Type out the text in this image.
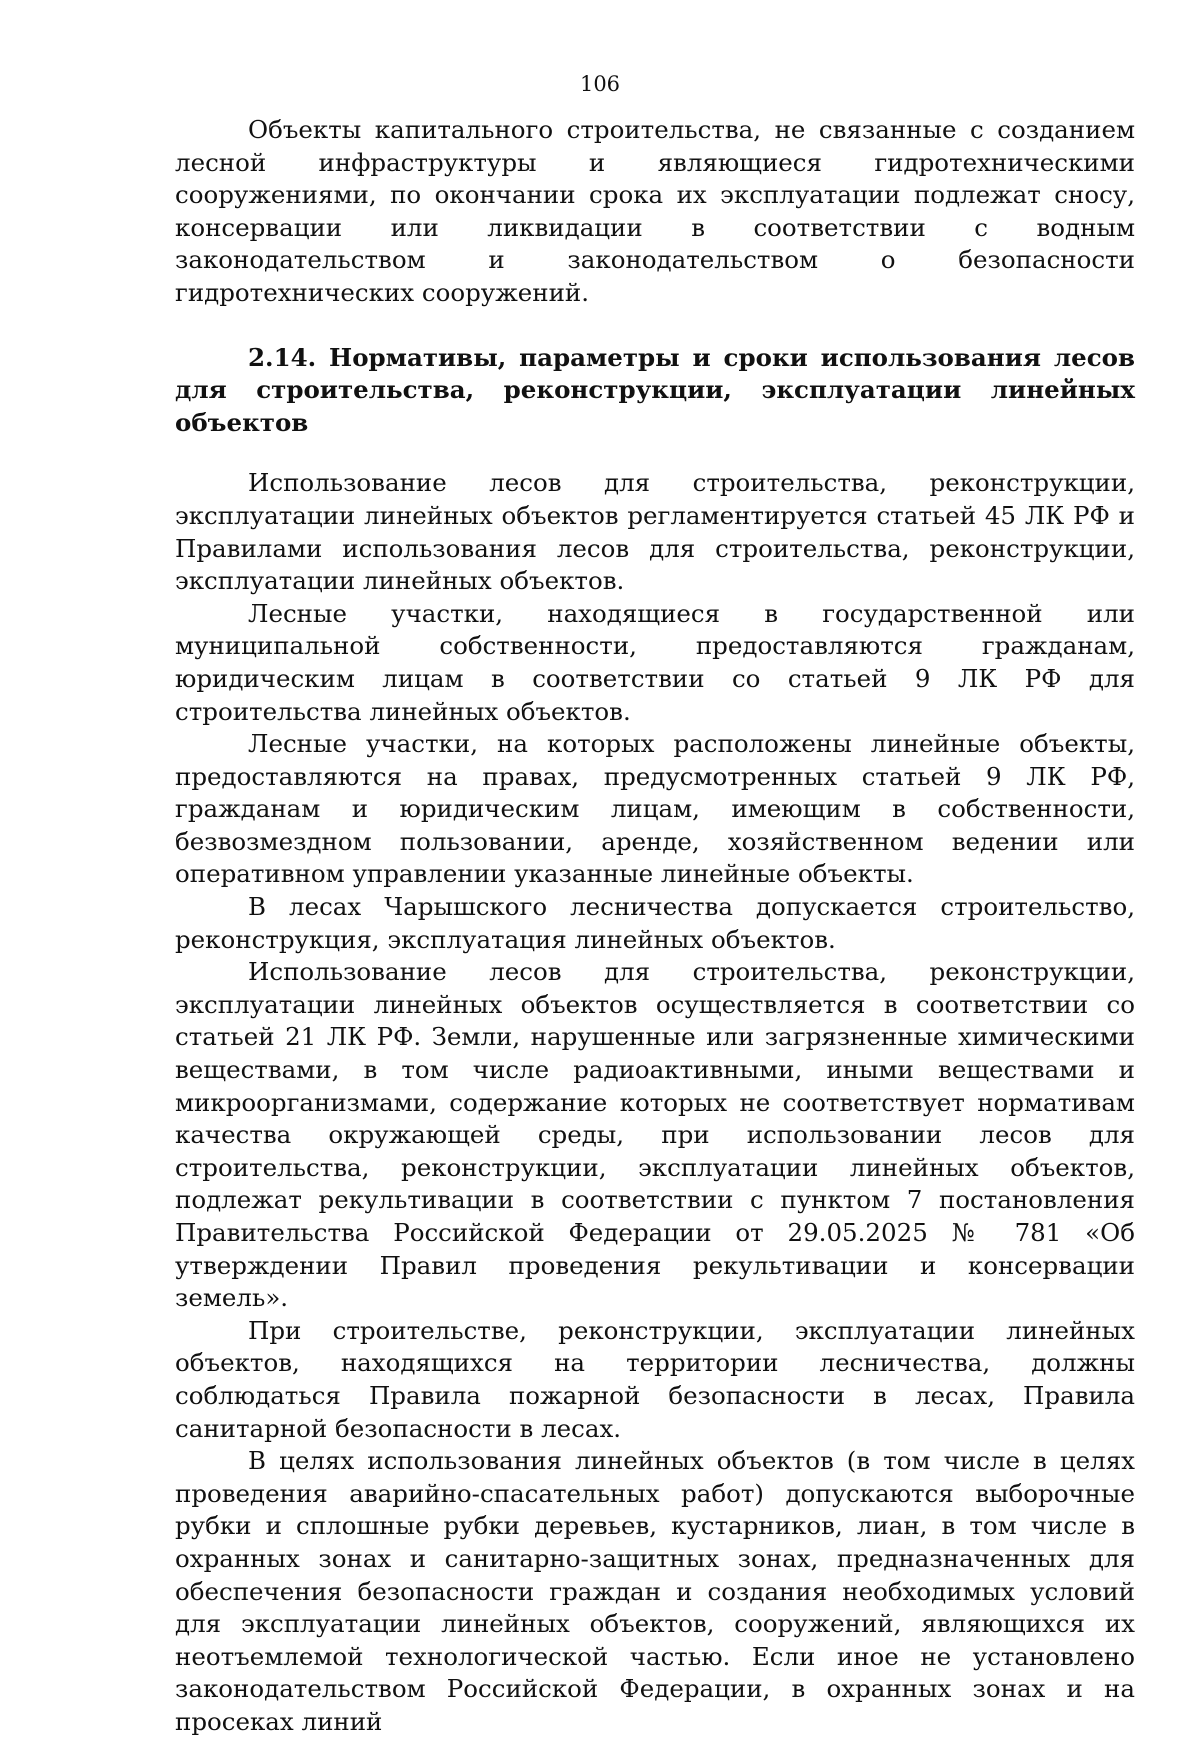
106

Объекты капитального строительства, не связанные с созданием лесной инфраструктуры и являющиеся гидротехническими сооружениями, по окончании срока их эксплуатации подлежат сносу, консервации или ликвидации в соответствии с водным законодательством и законодательством о безопасности гидротехнических сооружений.

2.14. Нормативы, параметры и сроки использования лесов для строительства, реконструкции, эксплуатации линейных объектов

Использование лесов для строительства, реконструкции, эксплуатации линейных объектов регламентируется статьей 45 ЛК РФ и Правилами использования лесов для строительства, реконструкции, эксплуатации линейных объектов.

Лесные участки, находящиеся в государственной или муниципальной собственности, предоставляются гражданам, юридическим лицам в соответствии со статьей 9 ЛК РФ для строительства линейных объектов.

Лесные участки, на которых расположены линейные объекты, предоставляются на правах, предусмотренных статьей 9 ЛК РФ, гражданам и юридическим лицам, имеющим в собственности, безвозмездном пользовании, аренде, хозяйственном ведении или оперативном управлении указанные линейные объекты.

В лесах Чарышского лесничества допускается строительство, реконструкция, эксплуатация линейных объектов.

Использование лесов для строительства, реконструкции, эксплуатации линейных объектов осуществляется в соответствии со статьей 21 ЛК РФ. Земли, нарушенные или загрязненные химическими веществами, в том числе радиоактивными, иными веществами и микроорганизмами, содержание которых не соответствует нормативам качества окружающей среды, при использовании лесов для строительства, реконструкции, эксплуатации линейных объектов, подлежат рекультивации в соответствии с пунктом 7 постановления Правительства Российской Федерации от 29.05.2025 № 781 «Об утверждении Правил проведения рекультивации и консервации земель».

При строительстве, реконструкции, эксплуатации линейных объектов, находящихся на территории лесничества, должны соблюдаться Правила пожарной безопасности в лесах, Правила санитарной безопасности в лесах.

В целях использования линейных объектов (в том числе в целях проведения аварийно-спасательных работ) допускаются выборочные рубки и сплошные рубки деревьев, кустарников, лиан, в том числе в охранных зонах и санитарно-защитных зонах, предназначенных для обеспечения безопасности граждан и создания необходимых условий для эксплуатации линейных объектов, сооружений, являющихся их неотъемлемой технологической частью. Если иное не установлено законодательством Российской Федерации, в охранных зонах и на просеках линий
